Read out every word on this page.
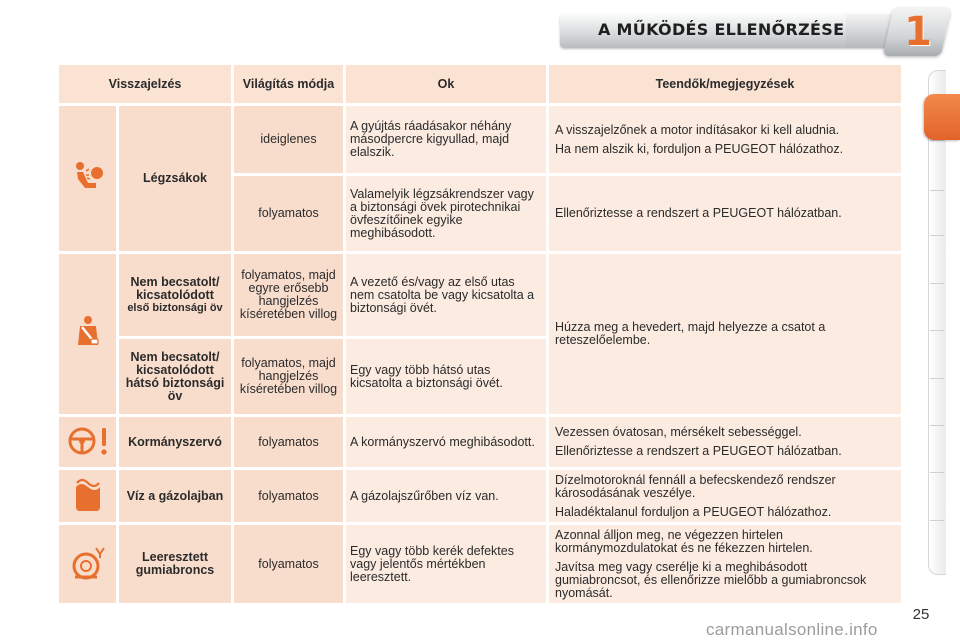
A MŰKÖDÉS ELLENŐRZÉSE	1
Visszajelzés		Világítás módja	Ok	Teendők/megjegyzések

	Légzsákok	ideiglenes	A gyújtás ráadásakor néhány másodpercre kigyullad, majd elalszik.	A visszajelzőnek a motor indításakor ki kell aludnia.
Ha nem alszik ki, forduljon a PEUGEOT hálózathoz.

		folyamatos	Valamelyik légzsákrendszer vagy a biztonsági övek pirotechnikai övfeszítőinek egyike meghibásodott.	Ellenőriztesse a rendszert a PEUGEOT hálózatban.

	Nem becsatolt/ kicsatolódott
első biztonsági öv	folyamatos, majd egyre erősebb hangjelzés kíséretében villog	A vezető és/vagy az első utas nem csatolta be vagy kicsatolta a biztonsági övét.	Húzza meg a hevedert, majd helyezze a csatot a reteszelőelembe.

	Nem becsatolt/ kicsatolódott hátsó biztonsági öv	folyamatos, majd hangjelzés kíséretében villog	Egy vagy több hátsó utas kicsatolta a biztonsági övét.	

	Kormányszervó	folyamatos	A kormányszervó meghibásodott.	Vezessen óvatosan, mérsékelt sebességgel.
Ellenőriztesse a rendszert a PEUGEOT hálózatban.

	Víz a gázolajban	folyamatos	A gázolajszűrőben víz van.	Dízelmotoroknál fennáll a befecskendező rendszer károsodásának veszélye.
Haladéktalanul forduljon a PEUGEOT hálózathoz.

	Leeresztett gumiabroncs	folyamatos	Egy vagy több kerék defektes vagy jelentős mértékben leeresztett.	Azonnal álljon meg, ne végezzen hirtelen kormánymozdulatokat és ne fékezzen hirtelen.
Javítsa meg vagy cserélje ki a meghibásodott gumiabroncsot, és ellenőrizze mielőbb a gumiabroncsok nyomását.
25
carmanualsonline.info
